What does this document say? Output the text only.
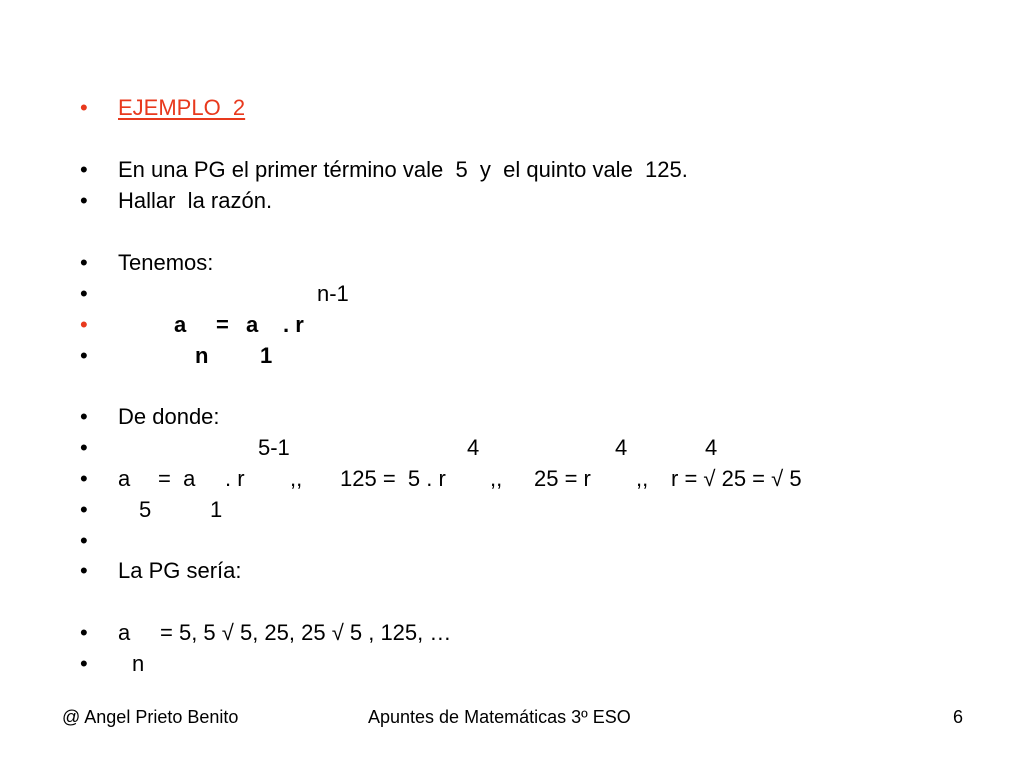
• EJEMPLO  2
• En una PG el primer término vale  5  y  el quinto vale  125.
• Hallar  la razón.
• Tenemos:
•	n-1
•	a = a . r
•	n 1
• De donde:
•	5-1	4	4	4
• a =  a . r ,, 125 =  5 . r ,, 25 = r ,, r = √ 25 = √ 5
• 5	1
•
• La PG sería:
• a = 5, 5 √ 5, 25, 25 √ 5 , 125, …
• n
@ Angel Prieto Benito	Apuntes de Matemáticas 3º ESO	6
